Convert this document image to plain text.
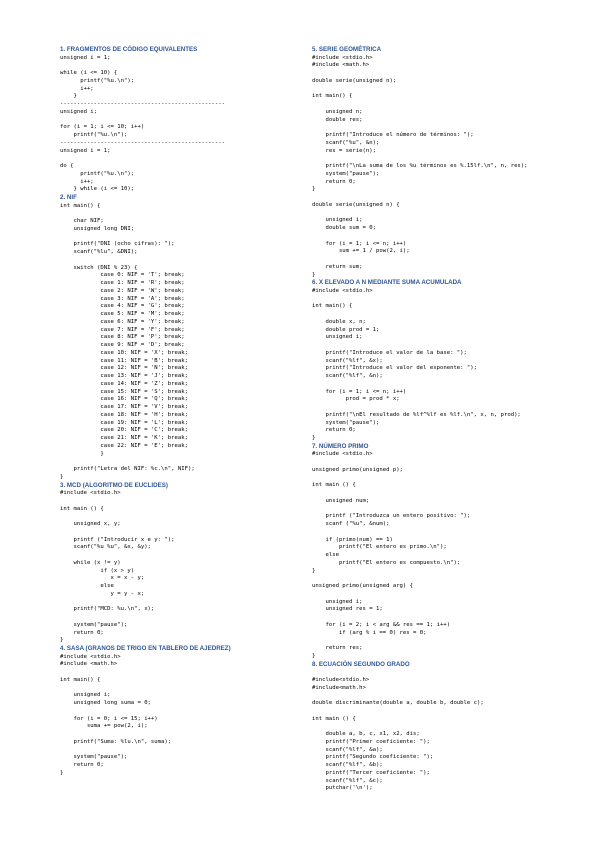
1. FRAGMENTOS DE CÓDIGO EQUIVALENTES
unsigned i = 1;

while (i <= 10) {
printf("%u.\n");
i++;
}
-------------------------------------------------
unsigned i;

for (i = 1; i <= 10; i++)
printf("%u.\n");
-------------------------------------------------
unsigned i = 1;

do {
printf("%u.\n");
i++;
} while (i <= 10);

2. NIF
int main() {

char NIF;
unsigned long DNI;

printf("DNI (ocho cifras): ");
scanf("%lu", &DNI);

switch (DNI % 23) {
case 0: NIF = 'T'; break;
case 1: NIF = 'R'; break;
case 2: NIF = 'W'; break;
case 3: NIF = 'A'; break;
case 4: NIF = 'G'; break;
case 5: NIF = 'M'; break;
case 6: NIF = 'Y'; break;
case 7: NIF = 'F'; break;
case 8: NIF = 'P'; break;
case 9: NIF = 'D'; break;
case 10: NIF = 'X'; break;
case 11: NIF = 'B'; break;
case 12: NIF = 'N'; break;
case 13: NIF = 'J'; break;
case 14: NIF = 'Z'; break;
case 15: NIF = 'S'; break;
case 16: NIF = 'Q'; break;
case 17: NIF = 'V'; break;
case 18: NIF = 'H'; break;
case 19: NIF = 'L'; break;
case 20: NIF = 'C'; break;
case 21: NIF = 'K'; break;
case 22: NIF = 'E'; break;
}

printf("Letra del NIF: %c.\n", NIF);
}

3. MCD (ALGORITMO DE EUCLIDES)
#include <stdio.h>

int main () {

unsigned x, y;

printf ("Introducir x e y: ");
scanf("%u %u", &x, &y);

while (x != y)
if (x > y)
x = x - y;
else
y = y - x;

printf("MCD: %u.\n", x);

system("pause");
return 0;
}

4. SASA (GRANOS DE TRIGO EN TABLERO DE AJEDREZ)
#include <stdio.h>
#include <math.h>

int main() {

unsigned i;
unsigned long suma = 0;

for (i = 0; i <= 15; i++)
suma += pow(2, i);

printf("Suma: %lu.\n", suma);

system("pause");
return 0;
}
5. SERIE GEOMÉTRICA
#include <stdio.h>
#include <math.h>

double serie(unsigned n);

int main() {

unsigned n;
double res;

printf("Introduce el número de términos: ");
scanf("%u", &n);
res = serie(n);

printf("\nLa suma de los %u términos es %.15lf.\n", n, res);
system("pause");
return 0;
}

double serie(unsigned n) {

unsigned i;
double sum = 0;

for (i = 1; i <= n; i++)
sum += 1 / pow(2, i);

return sum;
}

6. X ELEVADO A N MEDIANTE SUMA ACUMULADA
#include <stdio.h>

int main() {

double x, n;
double prod = 1;
unsigned i;

printf("Introduce el valor de la base: ");
scanf("%lf", &x);
printf("Introduce el valor del exponente: ");
scanf("%lf", &n);

for (i = 1; i <= n; i++)
prod = prod * x;

printf("\nEl resultado de %lf^%lf es %lf.\n", x, n, prod);
system("pause");
return 0;
}

7. NÚMERO PRIMO
#include <stdio.h>

unsigned primo(unsigned p);

int main () {

unsigned num;

printf ("Introduzca un entero positivo: ");
scanf ("%u", &num);

if (primo(num) == 1)
printf("El entero es primo.\n");
else
printf("El entero es compuesto.\n");
}

unsigned primo(unsigned arg) {

unsigned i;
unsigned res = 1;

for (i = 2; i < arg && res == 1; i++)
if (arg % i == 0) res = 0;

return res;
}

8. ECUACIÓN SEGUNDO GRADO

#include<stdio.h>
#include<math.h>

double discriminante(double a, double b, double c);

int main () {

double a, b, c, x1, x2, dis;
printf("Primer coeficiente: ");
scanf("%lf", &a);
printf("Segundo coeficiente: ");
scanf("%lf", &b);
printf("Tercer coeficiente: ");
scanf("%lf", &c);
putchar('\n');
